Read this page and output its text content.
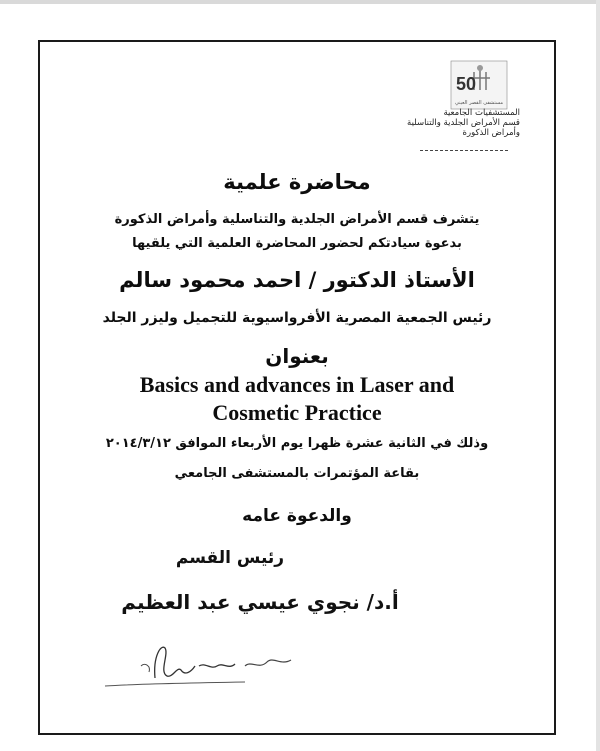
50
مستشفى القصر العيني
المستشفيات الجامعية
قسم الأمراض الجلدية والتناسلية
وأمراض الذكورة
محاضرة علمية
يتشرف قسم الأمراض الجلدية والتناسلية وأمراض الذكورة
بدعوة سيادتكم لحضور المحاضرة العلمية التي يلقيها
الأستاذ الدكتور / احمد محمود سالم
رئيس الجمعية المصرية الأفرواسيوية للتجميل وليزر الجلد
بعنوان
Basics and advances in Laser and
Cosmetic Practice
وذلك في الثانية عشرة ظهرا يوم الأربعاء الموافق ٢٠١٤/٣/١٢
بقاعة المؤتمرات بالمستشفى الجامعي
والدعوة عامه
رئيس القسم
أ.د/ نجوي عيسي عبد العظيم
